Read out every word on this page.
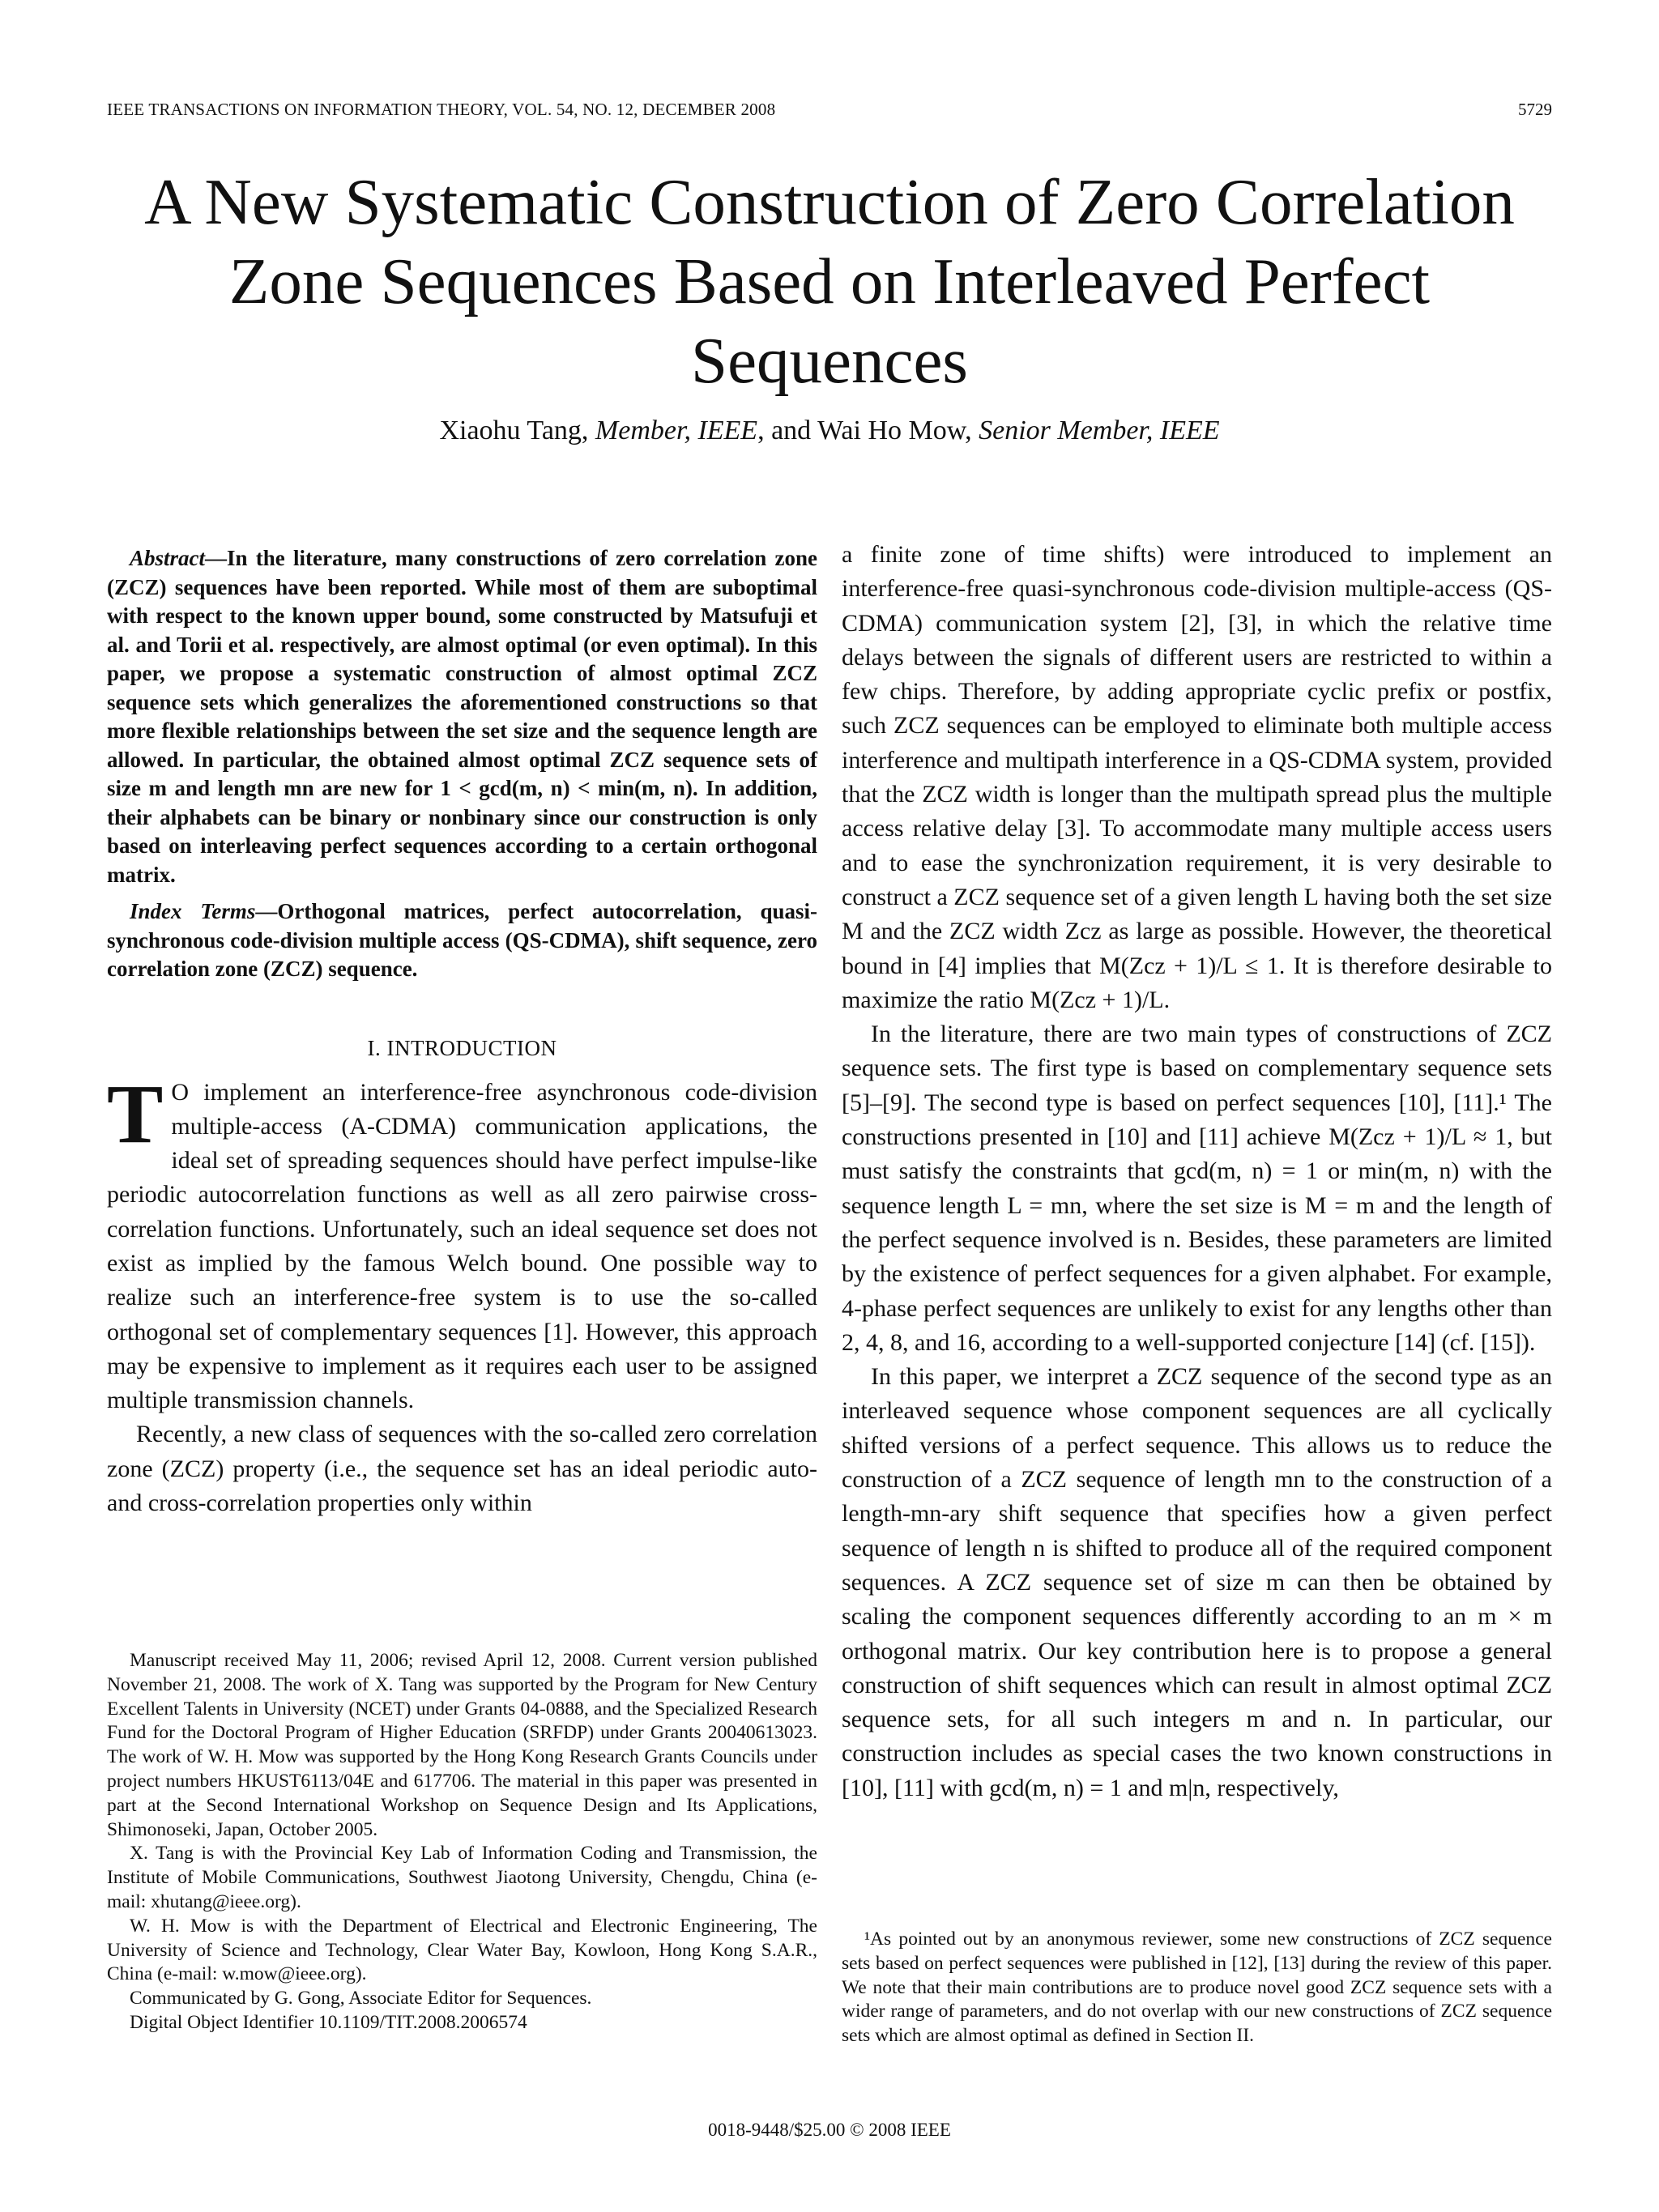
IEEE TRANSACTIONS ON INFORMATION THEORY, VOL. 54, NO. 12, DECEMBER 2008	5729
A New Systematic Construction of Zero Correlation
Zone Sequences Based on Interleaved Perfect
Sequences
Xiaohu Tang, Member, IEEE, and Wai Ho Mow, Senior Member, IEEE

Abstract—In the literature, many constructions of zero correlation zone (ZCZ) sequences have been reported. While most of them are suboptimal with respect to the known upper bound, some constructed by Matsufuji et al. and Torii et al. respectively, are almost optimal (or even optimal). In this paper, we propose a systematic construction of almost optimal ZCZ sequence sets which generalizes the aforementioned constructions so that more flexible relationships between the set size and the sequence length are allowed. In particular, the obtained almost optimal ZCZ sequence sets of size m and length mn are new for 1 < gcd(m, n) < min(m, n). In addition, their alphabets can be binary or nonbinary since our construction is only based on interleaving perfect sequences according to a certain orthogonal matrix.

Index Terms—Orthogonal matrices, perfect autocorrelation, quasi-synchronous code-division multiple access (QS-CDMA), shift sequence, zero correlation zone (ZCZ) sequence.

I. INTRODUCTION

T O implement an interference-free asynchronous code-division multiple-access (A-CDMA) communication applications, the ideal set of spreading sequences should have perfect impulse-like periodic autocorrelation functions as well as all zero pairwise cross-correlation functions. Unfortunately, such an ideal sequence set does not exist as implied by the famous Welch bound. One possible way to realize such an interference-free system is to use the so-called orthogonal set of complementary sequences [1]. However, this approach may be expensive to implement as it requires each user to be assigned multiple transmission channels.

Recently, a new class of sequences with the so-called zero correlation zone (ZCZ) property (i.e., the sequence set has an ideal periodic auto- and cross-correlation properties only within

Manuscript received May 11, 2006; revised April 12, 2008. Current version published November 21, 2008. The work of X. Tang was supported by the Program for New Century Excellent Talents in University (NCET) under Grants 04-0888, and the Specialized Research Fund for the Doctoral Program of Higher Education (SRFDP) under Grants 20040613023. The work of W. H. Mow was supported by the Hong Kong Research Grants Councils under project numbers HKUST6113/04E and 617706. The material in this paper was presented in part at the Second International Workshop on Sequence Design and Its Applications, Shimonoseki, Japan, October 2005.

X. Tang is with the Provincial Key Lab of Information Coding and Transmission, the Institute of Mobile Communications, Southwest Jiaotong University, Chengdu, China (e-mail: xhutang@ieee.org).

W. H. Mow is with the Department of Electrical and Electronic Engineering, The University of Science and Technology, Clear Water Bay, Kowloon, Hong Kong S.A.R., China (e-mail: w.mow@ieee.org).

Communicated by G. Gong, Associate Editor for Sequences.

Digital Object Identifier 10.1109/TIT.2008.2006574

a finite zone of time shifts) were introduced to implement an interference-free quasi-synchronous code-division multiple-access (QS-CDMA) communication system [2], [3], in which the relative time delays between the signals of different users are restricted to within a few chips. Therefore, by adding appropriate cyclic prefix or postfix, such ZCZ sequences can be employed to eliminate both multiple access interference and multipath interference in a QS-CDMA system, provided that the ZCZ width is longer than the multipath spread plus the multiple access relative delay [3]. To accommodate many multiple access users and to ease the synchronization requirement, it is very desirable to construct a ZCZ sequence set of a given length L having both the set size M and the ZCZ width Zcz as large as possible. However, the theoretical bound in [4] implies that M(Zcz + 1)/L ≤ 1. It is therefore desirable to maximize the ratio M(Zcz + 1)/L.

In the literature, there are two main types of constructions of ZCZ sequence sets. The first type is based on complementary sequence sets [5]–[9]. The second type is based on perfect sequences [10], [11].¹ The constructions presented in [10] and [11] achieve M(Zcz + 1)/L ≈ 1, but must satisfy the constraints that gcd(m, n) = 1 or min(m, n) with the sequence length L = mn, where the set size is M = m and the length of the perfect sequence involved is n. Besides, these parameters are limited by the existence of perfect sequences for a given alphabet. For example, 4-phase perfect sequences are unlikely to exist for any lengths other than 2, 4, 8, and 16, according to a well-supported conjecture [14] (cf. [15]).

In this paper, we interpret a ZCZ sequence of the second type as an interleaved sequence whose component sequences are all cyclically shifted versions of a perfect sequence. This allows us to reduce the construction of a ZCZ sequence of length mn to the construction of a length-mn-ary shift sequence that specifies how a given perfect sequence of length n is shifted to produce all of the required component sequences. A ZCZ sequence set of size m can then be obtained by scaling the component sequences differently according to an m × m orthogonal matrix. Our key contribution here is to propose a general construction of shift sequences which can result in almost optimal ZCZ sequence sets, for all such integers m and n. In particular, our construction includes as special cases the two known constructions in [10], [11] with gcd(m, n) = 1 and m|n, respectively,

¹As pointed out by an anonymous reviewer, some new constructions of ZCZ sequence sets based on perfect sequences were published in [12], [13] during the review of this paper. We note that their main contributions are to produce novel good ZCZ sequence sets with a wider range of parameters, and do not overlap with our new constructions of ZCZ sequence sets which are almost optimal as defined in Section II.

0018-9448/$25.00 © 2008 IEEE
